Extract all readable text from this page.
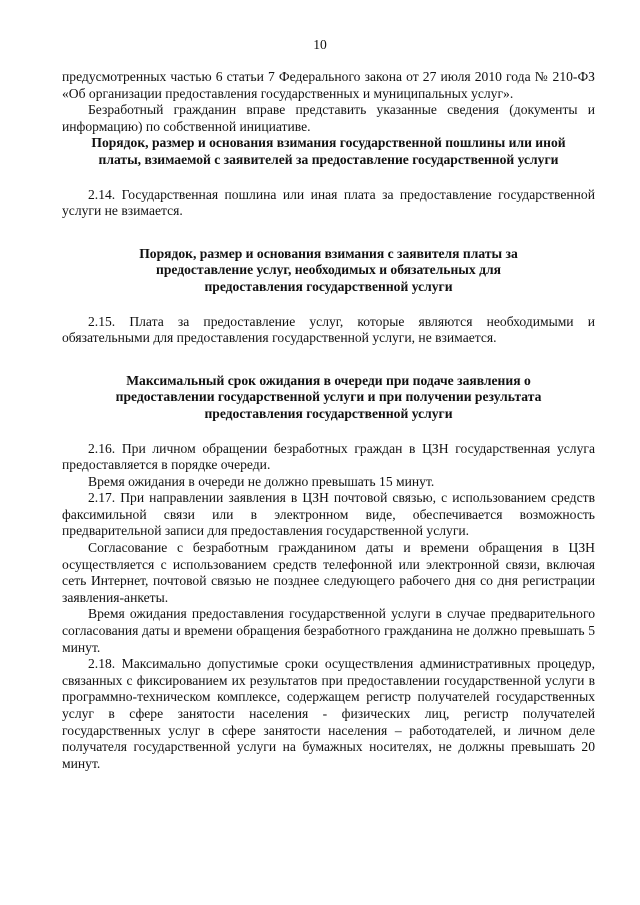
10

предусмотренных частью 6 статьи 7 Федерального закона от 27 июля 2010 года № 210-ФЗ «Об организации предоставления государственных и муниципальных услуг».

Безработный гражданин вправе представить указанные сведения (документы и информацию) по собственной инициативе.

Порядок, размер и основания взимания государственной пошлины или иной платы, взимаемой с заявителей за предоставление государственной услуги

2.14. Государственная пошлина или иная плата за предоставление государственной услуги не взимается.

Порядок, размер и основания взимания с заявителя платы за предоставление услуг, необходимых и обязательных для предоставления государственной услуги

2.15. Плата за предоставление услуг, которые являются необходимыми и обязательными для предоставления государственной услуги, не взимается.

Максимальный срок ожидания в очереди при подаче заявления о предоставлении государственной услуги и при получении результата предоставления государственной услуги

2.16. При личном обращении безработных граждан в ЦЗН государственная услуга предоставляется в порядке очереди.

Время ожидания в очереди не должно превышать 15 минут.

2.17. При направлении заявления в ЦЗН почтовой связью, с использованием средств факсимильной связи или в электронном виде, обеспечивается возможность предварительной записи для предоставления государственной услуги.

Согласование с безработным гражданином даты и времени обращения в ЦЗН осуществляется с использованием средств телефонной или электронной связи, включая сеть Интернет, почтовой связью не позднее следующего рабочего дня со дня регистрации заявления-анкеты.

Время ожидания предоставления государственной услуги в случае предварительного согласования даты и времени обращения безработного гражданина не должно превышать 5 минут.

2.18. Максимально допустимые сроки осуществления административных процедур, связанных с фиксированием их результатов при предоставлении государственной услуги в программно-техническом комплексе, содержащем регистр получателей государственных услуг в сфере занятости населения - физических лиц, регистр получателей государственных услуг в сфере занятости населения – работодателей, и личном деле получателя государственной услуги на бумажных носителях, не должны превышать 20 минут.
